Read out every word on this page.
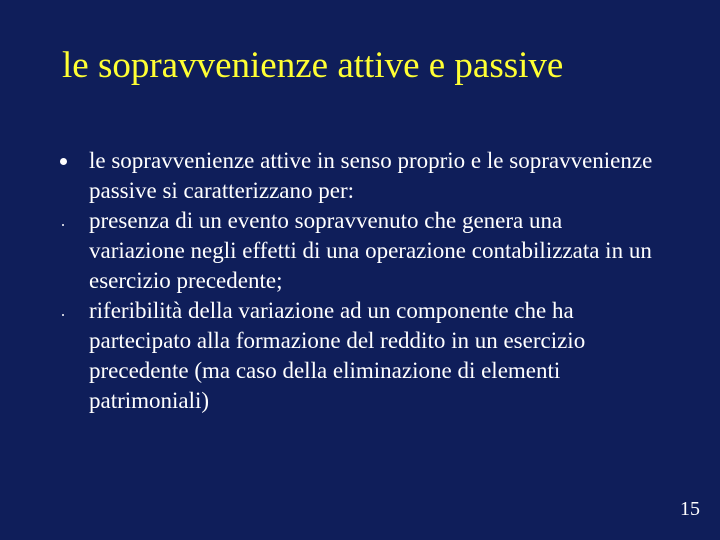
le sopravvenienze attive e passive
le sopravvenienze attive in senso proprio e le sopravvenienze passive si caratterizzano per:
presenza di un evento sopravvenuto che genera una variazione negli effetti di una operazione contabilizzata in un esercizio precedente;
riferibilità della variazione ad un componente che ha partecipato alla formazione del reddito in un esercizio precedente (ma caso della eliminazione di elementi patrimoniali)
15
